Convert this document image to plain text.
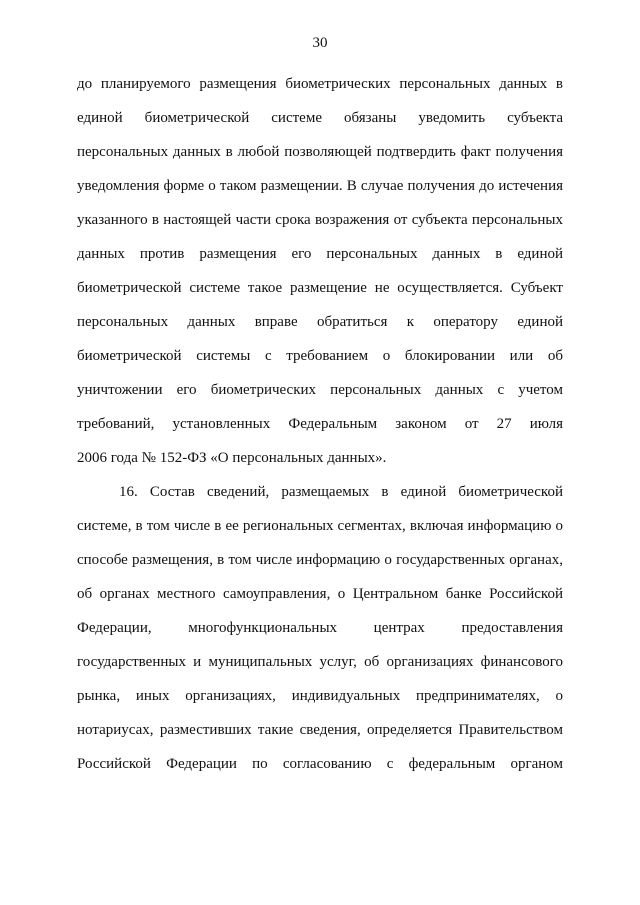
30
до планируемого размещения биометрических персональных данных в
единой биометрической системе обязаны уведомить субъекта
персональных данных в любой позволяющей подтвердить факт получения
уведомления форме о таком размещении. В случае получения до истечения
указанного в настоящей части срока возражения от субъекта персональных
данных против размещения его персональных данных в единой
биометрической системе такое размещение не осуществляется. Субъект
персональных данных вправе обратиться к оператору единой
биометрической системы с требованием о блокировании или об
уничтожении его биометрических персональных данных с учетом
требований, установленных Федеральным законом от 27 июля
2006 года № 152-ФЗ «О персональных данных».
16. Состав сведений, размещаемых в единой биометрической
системе, в том числе в ее региональных сегментах, включая информацию о
способе размещения, в том числе информацию о государственных органах,
об органах местного самоуправления, о Центральном банке Российской
Федерации, многофункциональных центрах предоставления
государственных и муниципальных услуг, об организациях финансового
рынка, иных организациях, индивидуальных предпринимателях, о
нотариусах, разместивших такие сведения, определяется Правительством
Российской Федерации по согласованию с федеральным органом
